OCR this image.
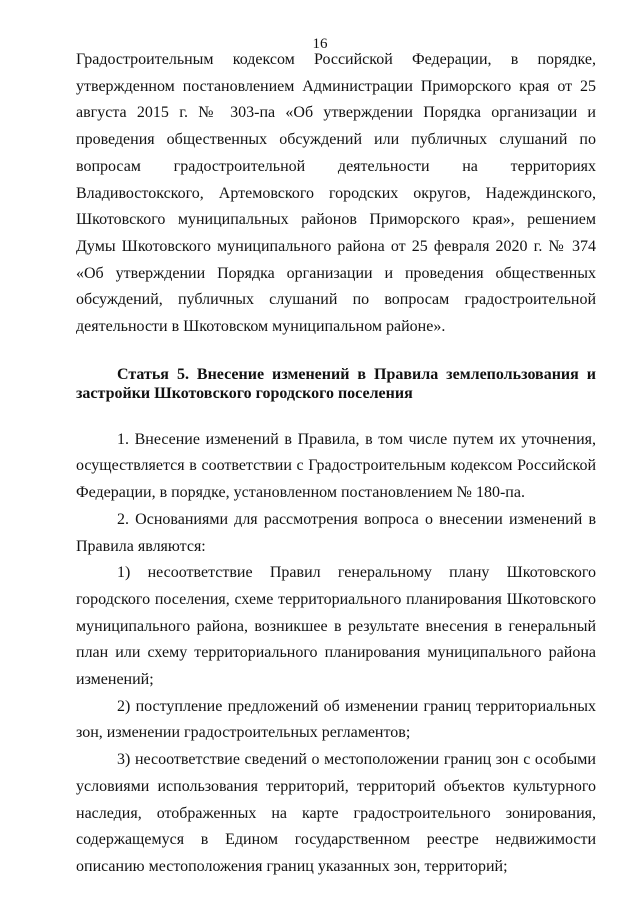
16

Градостроительным кодексом Российской Федерации, в порядке, утвержденном постановлением Администрации Приморского края от 25 августа 2015 г. № 303-па «Об утверждении Порядка организации и проведения общественных обсуждений или публичных слушаний по вопросам градостроительной деятельности на территориях Владивостокского, Артемовского городских округов, Надеждинского, Шкотовского муниципальных районов Приморского края», решением Думы Шкотовского муниципального района от 25 февраля 2020 г. № 374 «Об утверждении Порядка организации и проведения общественных обсуждений, публичных слушаний по вопросам градостроительной деятельности в Шкотовском муниципальном районе».

Статья 5. Внесение изменений в Правила землепользования и застройки Шкотовского городского поселения

1. Внесение изменений в Правила, в том числе путем их уточнения, осуществляется в соответствии с Градостроительным кодексом Российской Федерации, в порядке, установленном постановлением № 180-па.

2. Основаниями для рассмотрения вопроса о внесении изменений в Правила являются:

1) несоответствие Правил генеральному плану Шкотовского городского поселения, схеме территориального планирования Шкотовского муниципального района, возникшее в результате внесения в генеральный план или схему территориального планирования муниципального района изменений;

2) поступление предложений об изменении границ территориальных зон, изменении градостроительных регламентов;

3) несоответствие сведений о местоположении границ зон с особыми условиями использования территорий, территорий объектов культурного наследия, отображенных на карте градостроительного зонирования, содержащемуся в Едином государственном реестре недвижимости описанию местоположения границ указанных зон, территорий;
